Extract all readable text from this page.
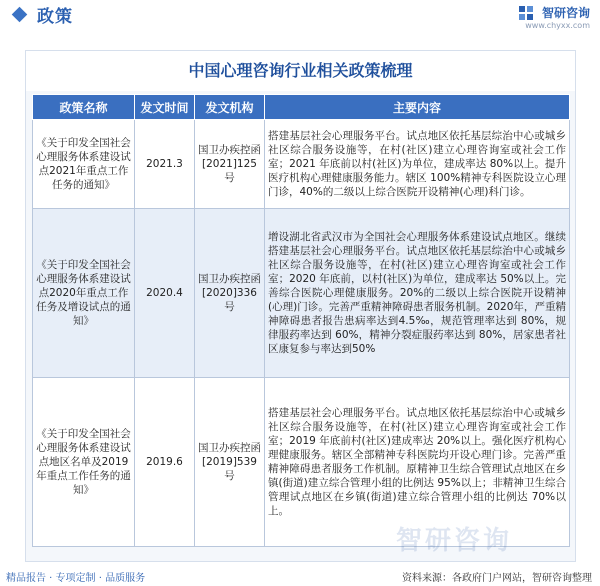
政策	智研咨询
www.chyxx.com
中国心理咨询行业相关政策梳理
政策名称	发文时间	发文机构	主要内容
《关于印发全国社会心理服务体系建设试点2021年重点工作任务的通知》	2021.3	国卫办疾控函[2021]125号	搭建基层社会心理服务平台。试点地区依托基层综治中心或城乡社区综合服务设施等，在村(社区)建立心理咨询室或社会工作室；2021 年底前以村(社区)为单位，建成率达 80%以上。提升医疗机构心理健康服务能力。辖区 100%精神专科医院设立心理门诊，40%的二级以上综合医院开设精神(心理)科门诊。
《关于印发全国社会心理服务体系建设试点2020年重点工作任务及增设试点的通知》	2020.4	国卫办疾控函[2020]336号	增设湖北省武汉市为全国社会心理服务体系建设试点地区。继续搭建基层社会心理服务平台。试点地区依托基层综治中心或城乡社区综合服务设施等，在村(社区)建立心理咨询室或社会工作室；2020 年底前，以村(社区)为单位，建成率达 50%以上。完善综合医院心理健康服务。20%的二级以上综合医院开设精神(心理)门诊。完善严重精神障碍患者服务机制。2020年，严重精神障碍患者报告患病率达到4.5‰，规范管理率达到 80%，规律服药率达到 60%，精神分裂症服药率达到 80%，居家患者社区康复参与率达到50%
《关于印发全国社会心理服务体系建设试点地区名单及2019年重点工作任务的通知》	2019.6	国卫办疾控函[2019]539号	搭建基层社会心理服务平台。试点地区依托基层综治中心或城乡社区综合服务设施等，在村(社区)建立心理咨询室或社会工作室；2019 年底前村(社区)建成率达 20%以上。强化医疗机构心理健康服务。辖区全部精神专科医院均开设心理门诊。完善严重精神障碍患者服务工作机制。原精神卫生综合管理试点地区在乡镇(街道)建立综合管理小组的比例达 95%以上；非精神卫生综合管理试点地区在乡镇(街道)建立综合管理小组的比例达 70%以上。
智研咨询
精品报告 · 专项定制 · 品质服务	资料来源：各政府门户网站，智研咨询整理
